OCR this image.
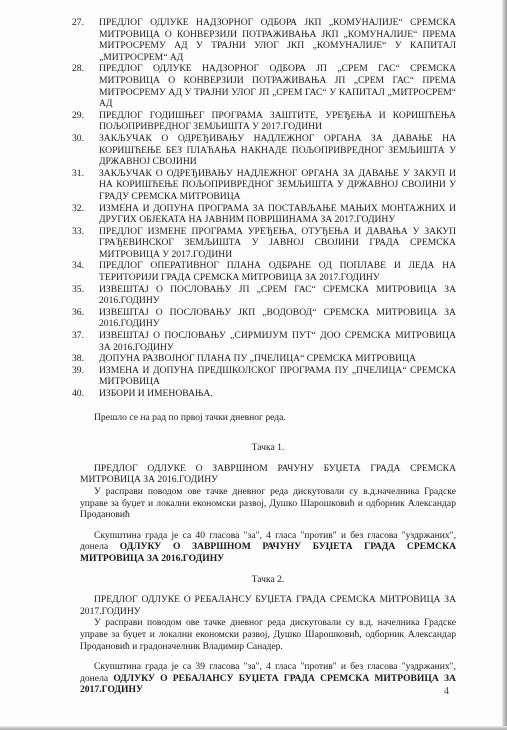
27. ПРЕДЛОГ ОДЛУКЕ НАДЗОРНОГ ОДБОРА ЈКП „КОМУНАЛИЈЕ“ СРЕМСКА МИТРОВИЦА О КОНВЕРЗИЈИ ПОТРАЖИВАЊА ЈКП „КОМУНАЛИЈЕ“ ПРЕМА МИТРОСРЕМУ АД У ТРАЈНИ УЛОГ ЈКП „КОМУНАЛИЈЕ“ У КАПИТАЛ „МИТРОСРЕМ“ АД
28. ПРЕДЛОГ ОДЛУКЕ НАДЗОРНОГ ОДБОРА ЈП „СРЕМ ГАС“ СРЕМСКА МИТРОВИЦА О КОНВЕРЗИЈИ ПОТРАЖИВАЊА ЈП „СРЕМ ГАС“ ПРЕМА МИТРОСРЕМУ АД У ТРАЈНИ УЛОГ ЈП „СРЕМ ГАС“ У КАПИТАЛ „МИТРОСРЕМ“ АД
29. ПРЕДЛОГ ГОДИШЊЕГ ПРОГРАМА ЗАШТИТЕ, УРЕЂЕЊА И КОРИШЋЕЊА ПОЉОПРИВРЕДНОГ ЗЕМЉИШТА У 2017.ГОДИНИ
30. ЗАКЉУЧАК О ОДРЕЂИВАЊУ НАДЛЕЖНОГ ОРГАНА ЗА ДАВАЊЕ НА КОРИШЋЕЊЕ БЕЗ ПЛАЋАЊА НАКНАДЕ ПОЉОПРИВРЕДНОГ ЗЕМЉИШТА У ДРЖАВНОЈ СВОЈИНИ
31. ЗАКЉУЧАК О ОДРЕЂИВАЊУ НАДЛЕЖНОГ ОРГАНА ЗА ДАВАЊЕ У ЗАКУП И НА КОРИШЋЕЊЕ ПОЉОПРИВРЕДНОГ ЗЕМЉИШТА У ДРЖАВНОЈ СВОЈИНИ У ГРАДУ СРЕМСКА МИТРОВИЦА
32. ИЗМЕНА И ДОПУНА ПРОГРАМА ЗА ПОСТАВЉАЊЕ МАЊИХ МОНТАЖНИХ И ДРУГИХ ОБЈЕКАТА НА ЈАВНИМ ПОВРШИНАМА ЗА 2017.ГОДИНУ
33. ПРЕДЛОГ ИЗМЕНЕ ПРОГРАМА УРЕЂЕЊА, ОТУЂЕЊА И ДАВАЊА У ЗАКУП ГРАЂЕВИНСКОГ ЗЕМЉИШТА У ЈАВНОЈ СВОЈИНИ ГРАДА СРЕМСКА МИТРОВИЦА У 2017.ГОДИНИ
34. ПРЕДЛОГ ОПЕРАТИВНОГ ПЛАНА ОДБРАНЕ ОД ПОПЛАВЕ И ЛЕДА НА ТЕРИТОРИЈИ ГРАДА СРЕМСКА МИТРОВИЦА ЗА 2017.ГОДИНУ
35. ИЗВЕШТАЈ О ПОСЛОВАЊУ ЈП „СРЕМ ГАС“ СРЕМСКА МИТРОВИЦА ЗА 2016.ГОДИНУ
36. ИЗВЕШТАЈ О ПОСЛОВАЊУ ЈКП „ВОДОВОД“ СРЕМСКА МИТРОВИЦА ЗА 2016.ГОДИНУ
37. ИЗВЕШТАЈ О ПОСЛОВАЊУ „СИРМИЈУМ ПУТ“ ДОО СРЕМСКА МИТРОВИЦА ЗА 2016.ГОДИНУ
38. ДОПУНА РАЗВОЈНОГ ПЛАНА ПУ „ПЧЕЛИЦА“ СРЕМСКА МИТРОВИЦА
39. ИЗМЕНА И ДОПУНА ПРЕДШКОЛСКОГ ПРОГРАМА ПУ „ПЧЕЛИЦА“ СРЕМСКА МИТРОВИЦА
40. ИЗБОРИ И ИМЕНОВАЊА.

Прешло се на рад по првој тачки дневног реда.

Тачка 1.

ПРЕДЛОГ ОДЛУКЕ О ЗАВРШНОМ РАЧУНУ БУЏЕТА ГРАДА СРЕМСКА МИТРОВИЦА ЗА 2016.ГОДИНУ

У расправи поводом ове тачке дневног реда дискутовали су в.д.начелника Градске управе за буџет и локални економски развој, Душко Шарошковић и одборник Александар Продановић

Скупштина града је са 40 гласова "за", 4 гласа "против" и без гласова "уздржаних", донела ОДЛУКУ О ЗАВРШНОМ РАЧУНУ БУЏЕТА ГРАДА СРЕМСКА МИТРОВИЦА ЗА 2016.ГОДИНУ

Тачка 2.

ПРЕДЛОГ ОДЛУКЕ О РЕБАЛАНСУ БУЏЕТА ГРАДА СРЕМСКА МИТРОВИЦА ЗА 2017.ГОДИНУ

У расправи поводом ове тачке дневног реда дискутовали су в.д. начелника Градске управе за буџет и локални економски развој, Душко Шарошковић, одборник Александар Продановић и градоначелник Владимир Санадер.

Скупштина града је са 39 гласова "за", 4 гласа "против" и без гласова "уздржаних", донела ОДЛУКУ О РЕБАЛАНСУ БУЏЕТА ГРАДА СРЕМСКА МИТРОВИЦА ЗА 2017.ГОДИНУ	4
